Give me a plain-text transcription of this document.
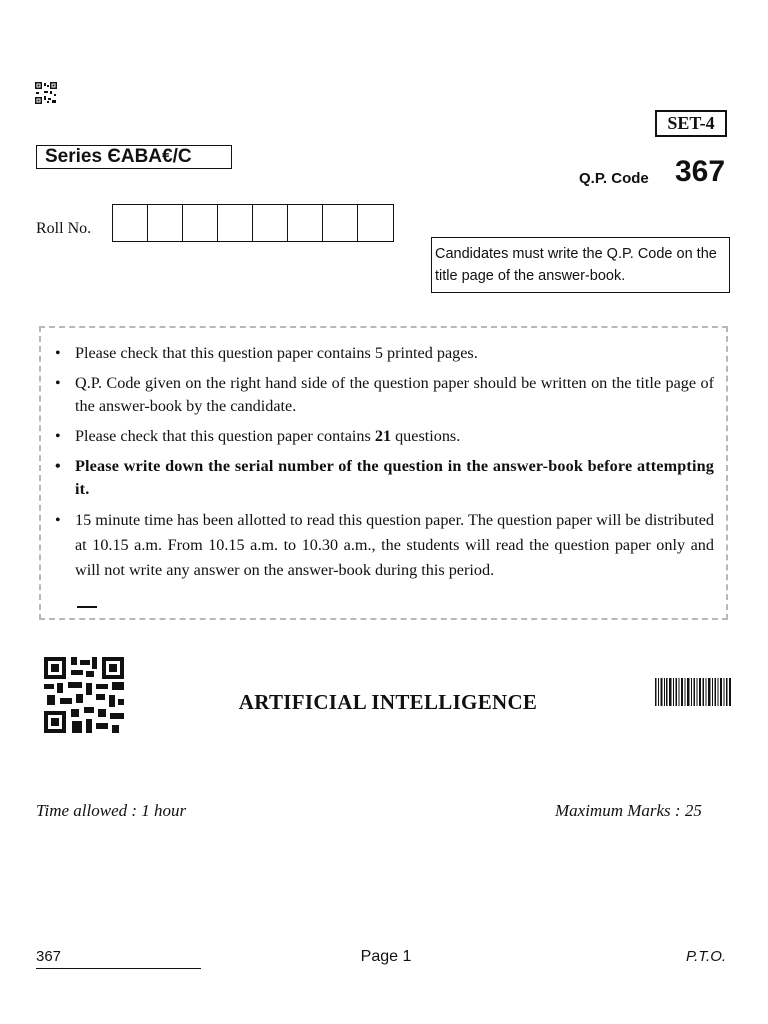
SET-4
Series ЄABA€/C
Q.P. Code 367
Roll No.
Candidates must write the Q.P. Code on the title page of the answer-book.
• Please check that this question paper contains 5 printed pages.
• Q.P. Code given on the right hand side of the question paper should be written on the title page of the answer-book by the candidate.
• Please check that this question paper contains 21 questions.
• Please write down the serial number of the question in the answer-book before attempting it.
• 15 minute time has been allotted to read this question paper. The question paper will be distributed at 10.15 a.m. From 10.15 a.m. to 10.30 a.m., the students will read the question paper only and will not write any answer on the answer-book during this period.
ARTIFICIAL INTELLIGENCE
Time allowed : 1 hour	Maximum Marks : 25
367	Page 1	P.T.O.
